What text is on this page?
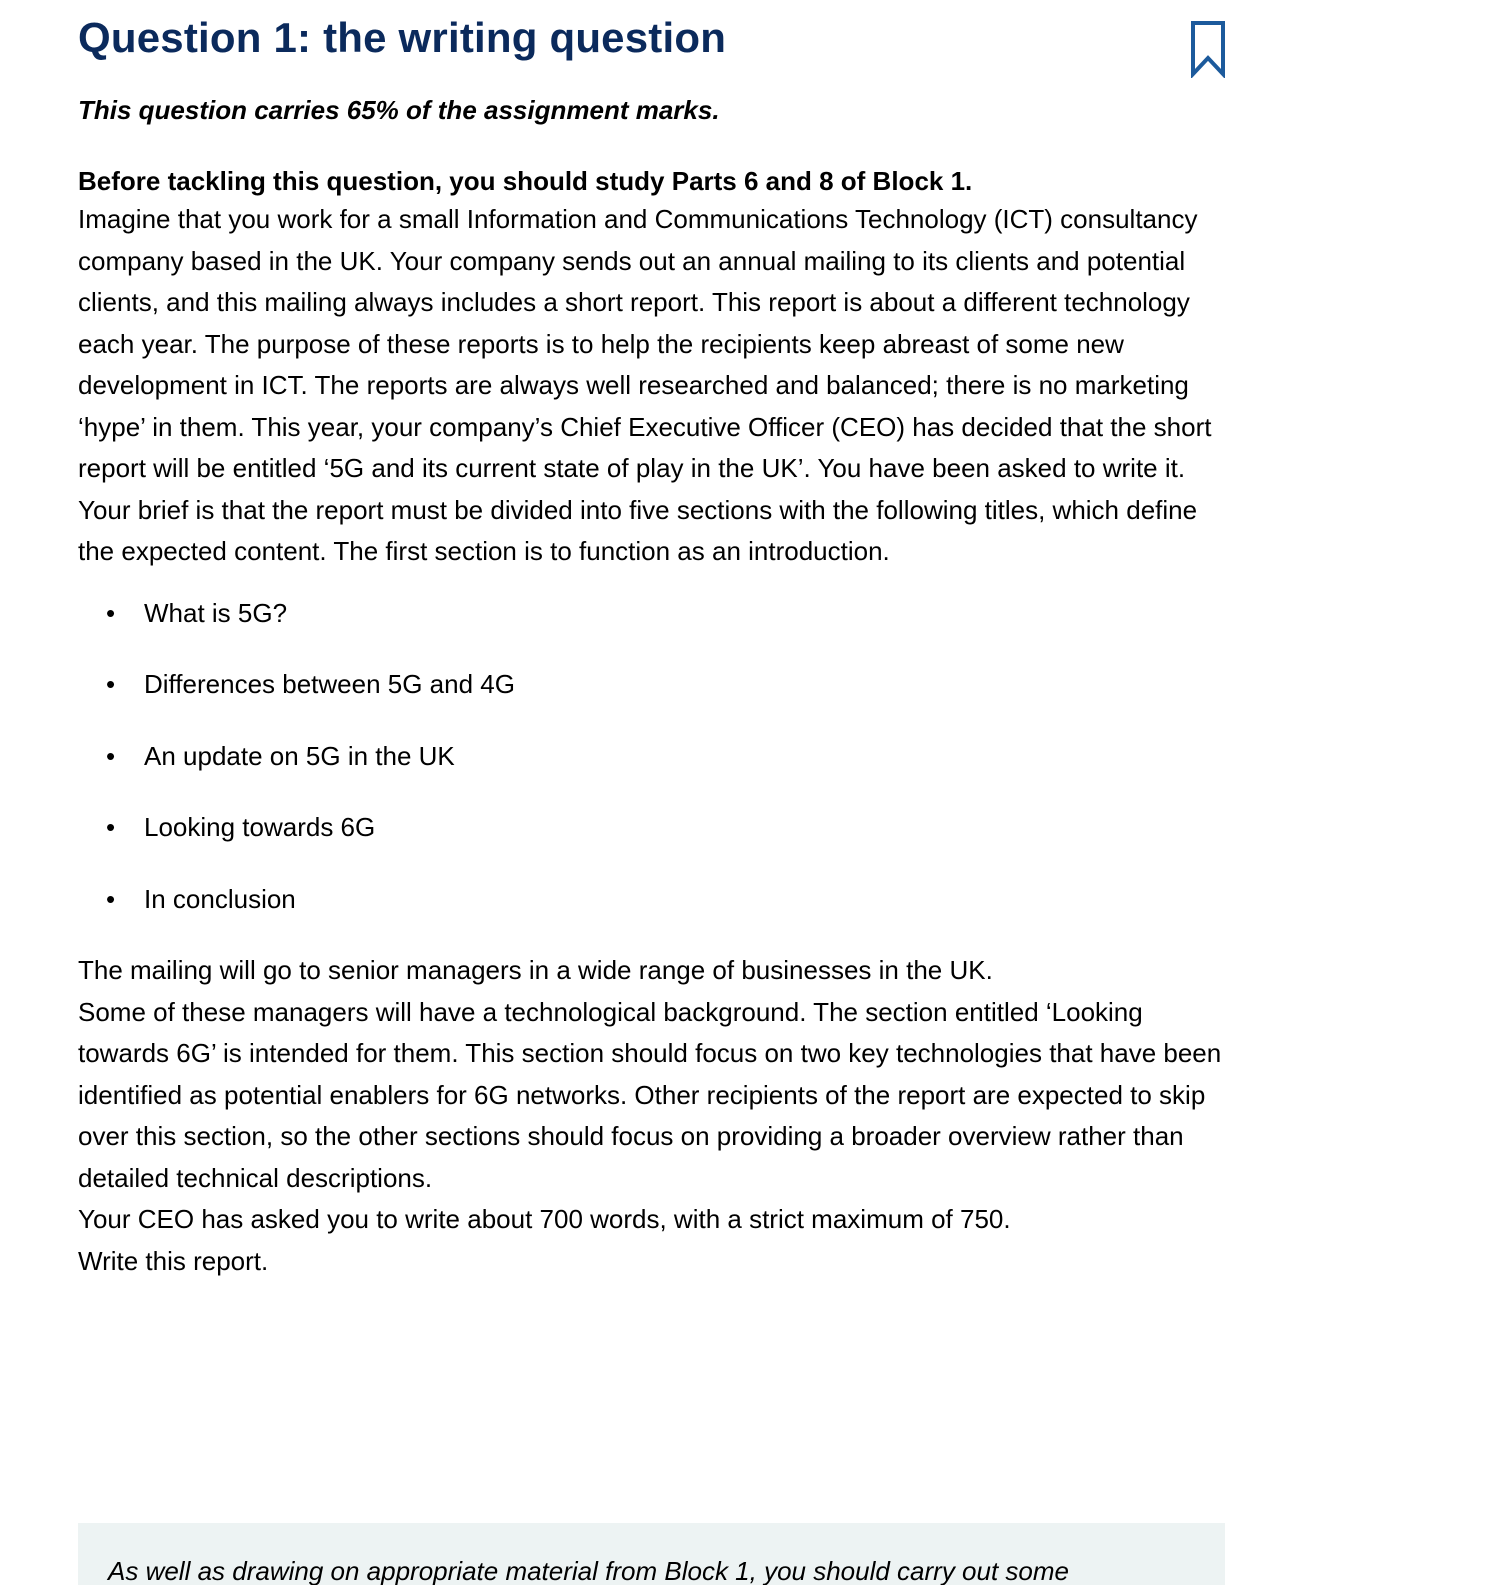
Question 1: the writing question

This question carries 65% of the assignment marks.

Before tackling this question, you should study Parts 6 and 8 of Block 1.

Imagine that you work for a small Information and Communications Technology (ICT) consultancy company based in the UK. Your company sends out an annual mailing to its clients and potential clients, and this mailing always includes a short report. This report is about a different technology each year. The purpose of these reports is to help the recipients keep abreast of some new development in ICT. The reports are always well researched and balanced; there is no marketing ‘hype’ in them. This year, your company’s Chief Executive Officer (CEO) has decided that the short report will be entitled ‘5G and its current state of play in the UK’. You have been asked to write it.

Your brief is that the report must be divided into five sections with the following titles, which define the expected content. The first section is to function as an introduction.

• What is 5G?
• Differences between 5G and 4G
• An update on 5G in the UK
• Looking towards 6G
• In conclusion

The mailing will go to senior managers in a wide range of businesses in the UK.

Some of these managers will have a technological background. The section entitled ‘Looking towards 6G’ is intended for them. This section should focus on two key technologies that have been identified as potential enablers for 6G networks. Other recipients of the report are expected to skip over this section, so the other sections should focus on providing a broader overview rather than detailed technical descriptions.

Your CEO has asked you to write about 700 words, with a strict maximum of 750.

Write this report.

As well as drawing on appropriate material from Block 1, you should carry out some
